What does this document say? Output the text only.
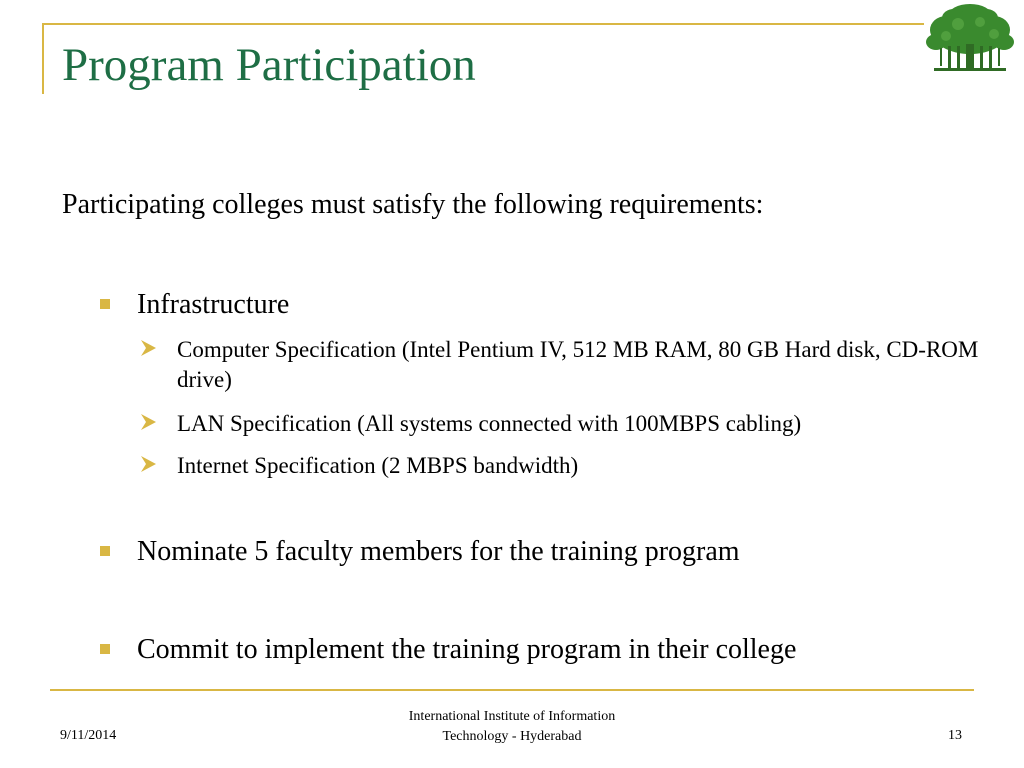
Program Participation
Participating colleges must satisfy the following requirements:
Infrastructure
Computer Specification (Intel Pentium IV, 512 MB RAM, 80 GB Hard disk, CD-ROM drive)
LAN Specification (All systems connected with 100MBPS cabling)
Internet Specification (2 MBPS bandwidth)
Nominate 5 faculty members for the training program
Commit to implement the training program in their college
9/11/2014
International Institute of Information
Technology - Hyderabad	13
